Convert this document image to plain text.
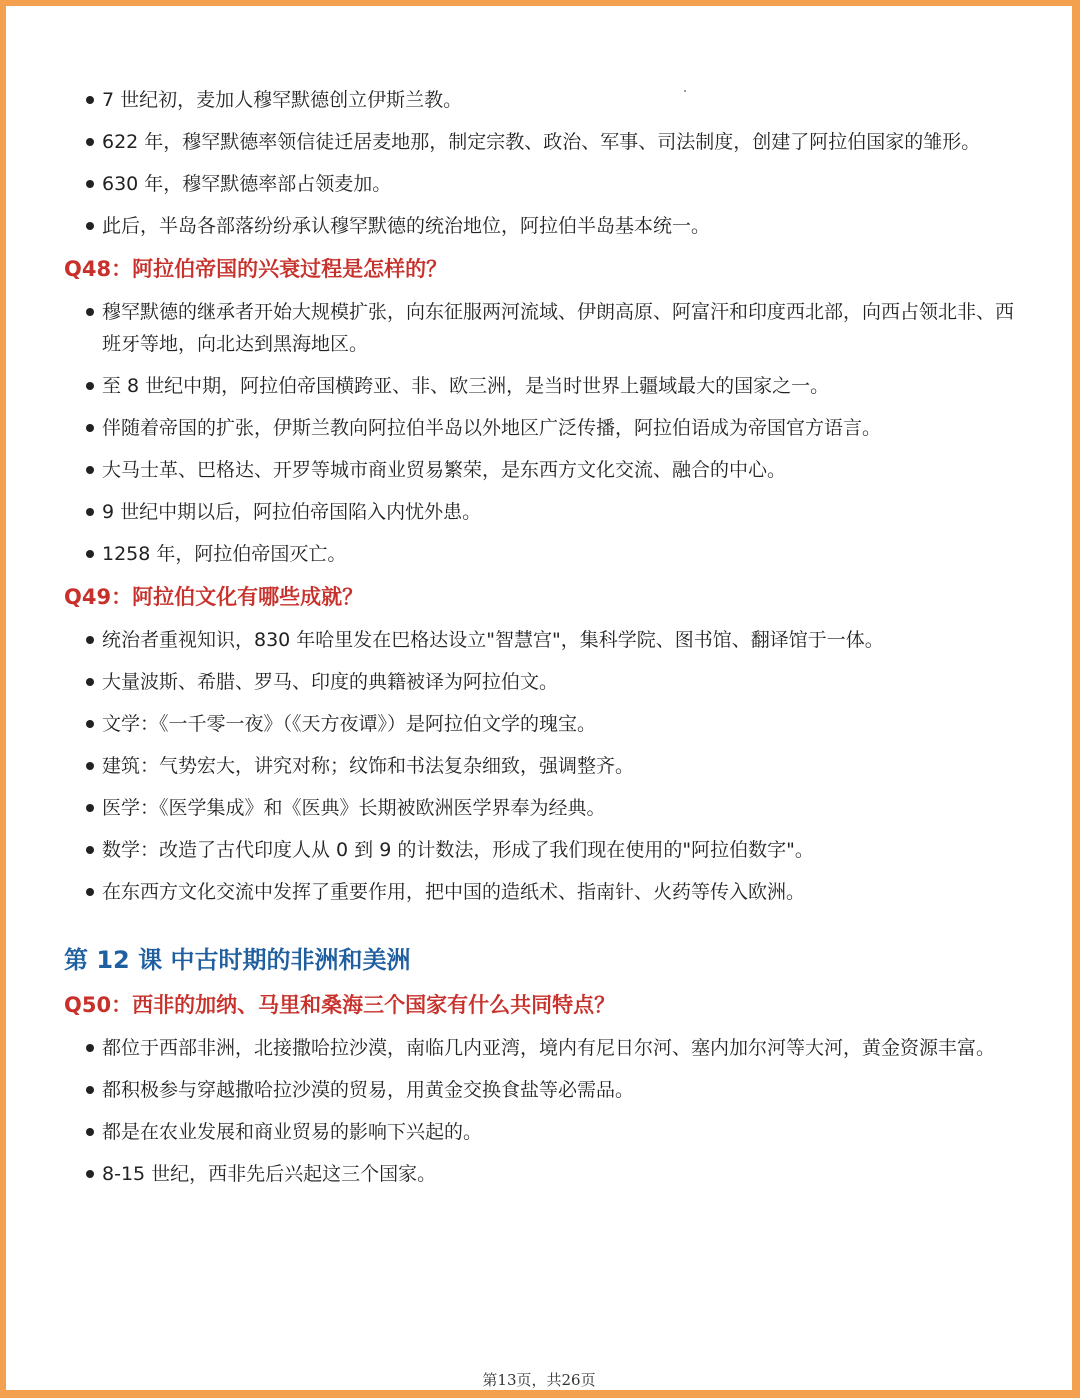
7 世纪初，麦加人穆罕默德创立伊斯兰教。

622 年，穆罕默德率领信徒迁居麦地那，制定宗教、政治、军事、司法制度，创建了阿拉伯国家的雏形。

630 年，穆罕默德率部占领麦加。

此后，半岛各部落纷纷承认穆罕默德的统治地位，阿拉伯半岛基本统一。

Q48：阿拉伯帝国的兴衰过程是怎样的？

穆罕默德的继承者开始大规模扩张，向东征服两河流域、伊朗高原、阿富汗和印度西北部，向西占领北非、西班牙等地，向北达到黑海地区。

至 8 世纪中期，阿拉伯帝国横跨亚、非、欧三洲，是当时世界上疆域最大的国家之一。

伴随着帝国的扩张，伊斯兰教向阿拉伯半岛以外地区广泛传播，阿拉伯语成为帝国官方语言。

大马士革、巴格达、开罗等城市商业贸易繁荣，是东西方文化交流、融合的中心。

9 世纪中期以后，阿拉伯帝国陷入内忧外患。

1258 年，阿拉伯帝国灭亡。

Q49：阿拉伯文化有哪些成就？

统治者重视知识，830 年哈里发在巴格达设立"智慧宫"，集科学院、图书馆、翻译馆于一体。

大量波斯、希腊、罗马、印度的典籍被译为阿拉伯文。

文学：《一千零一夜》（《天方夜谭》）是阿拉伯文学的瑰宝。

建筑：气势宏大，讲究对称；纹饰和书法复杂细致，强调整齐。

医学：《医学集成》和《医典》长期被欧洲医学界奉为经典。

数学：改造了古代印度人从 0 到 9 的计数法，形成了我们现在使用的"阿拉伯数字"。

在东西方文化交流中发挥了重要作用，把中国的造纸术、指南针、火药等传入欧洲。

第 12 课 中古时期的非洲和美洲
Q50：西非的加纳、马里和桑海三个国家有什么共同特点？

都位于西部非洲，北接撒哈拉沙漠，南临几内亚湾，境内有尼日尔河、塞内加尔河等大河，黄金资源丰富。

都积极参与穿越撒哈拉沙漠的贸易，用黄金交换食盐等必需品。

都是在农业发展和商业贸易的影响下兴起的。

8-15 世纪，西非先后兴起这三个国家。

第13页，共26页
